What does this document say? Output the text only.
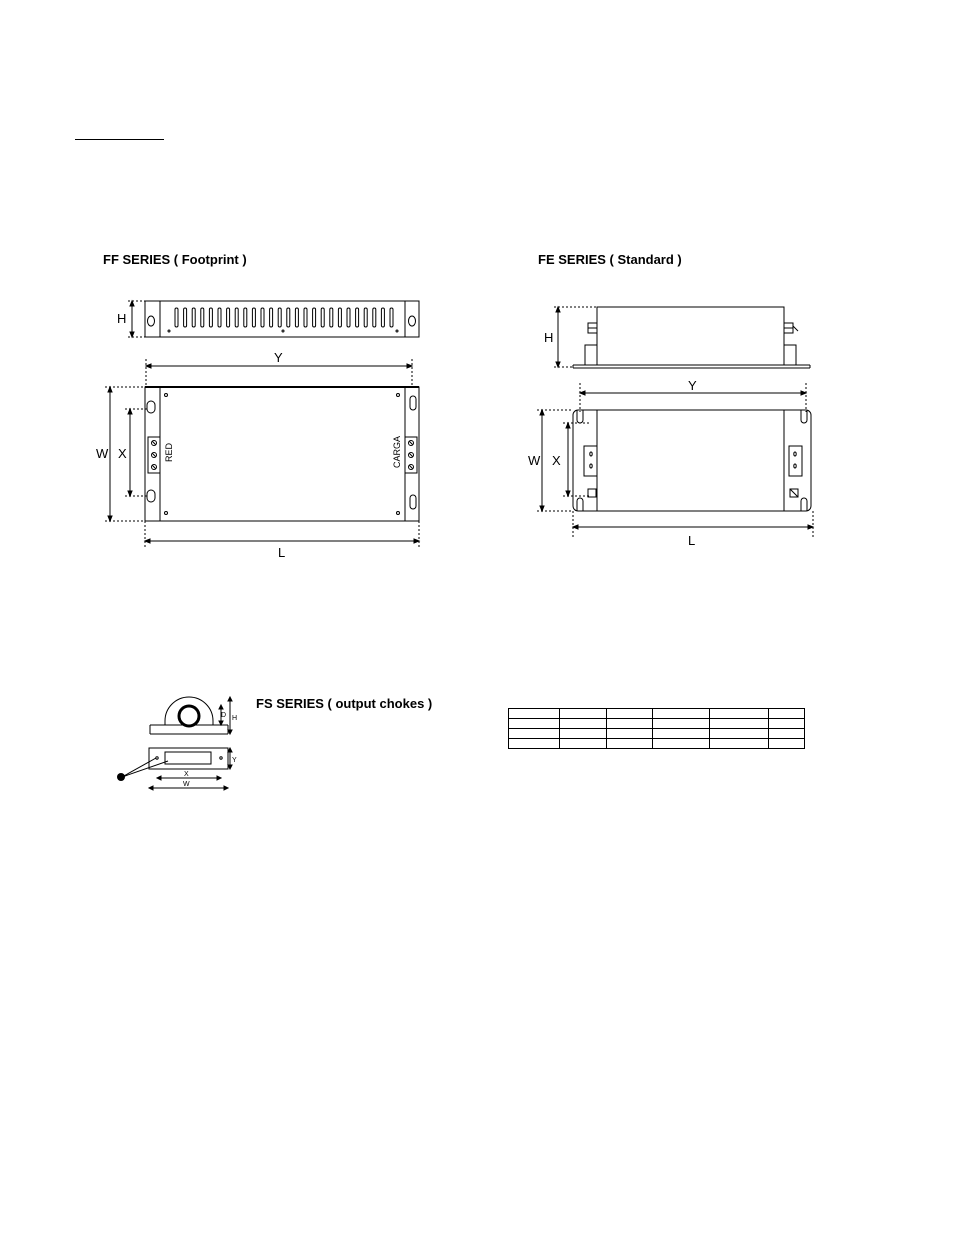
FF SERIES ( Footprint )
H
Y
W X
L
RED	CARGA
FE SERIES ( Standard )
H
Y
W X
L
FS SERIES ( output chokes )
D H
Y
X
W
